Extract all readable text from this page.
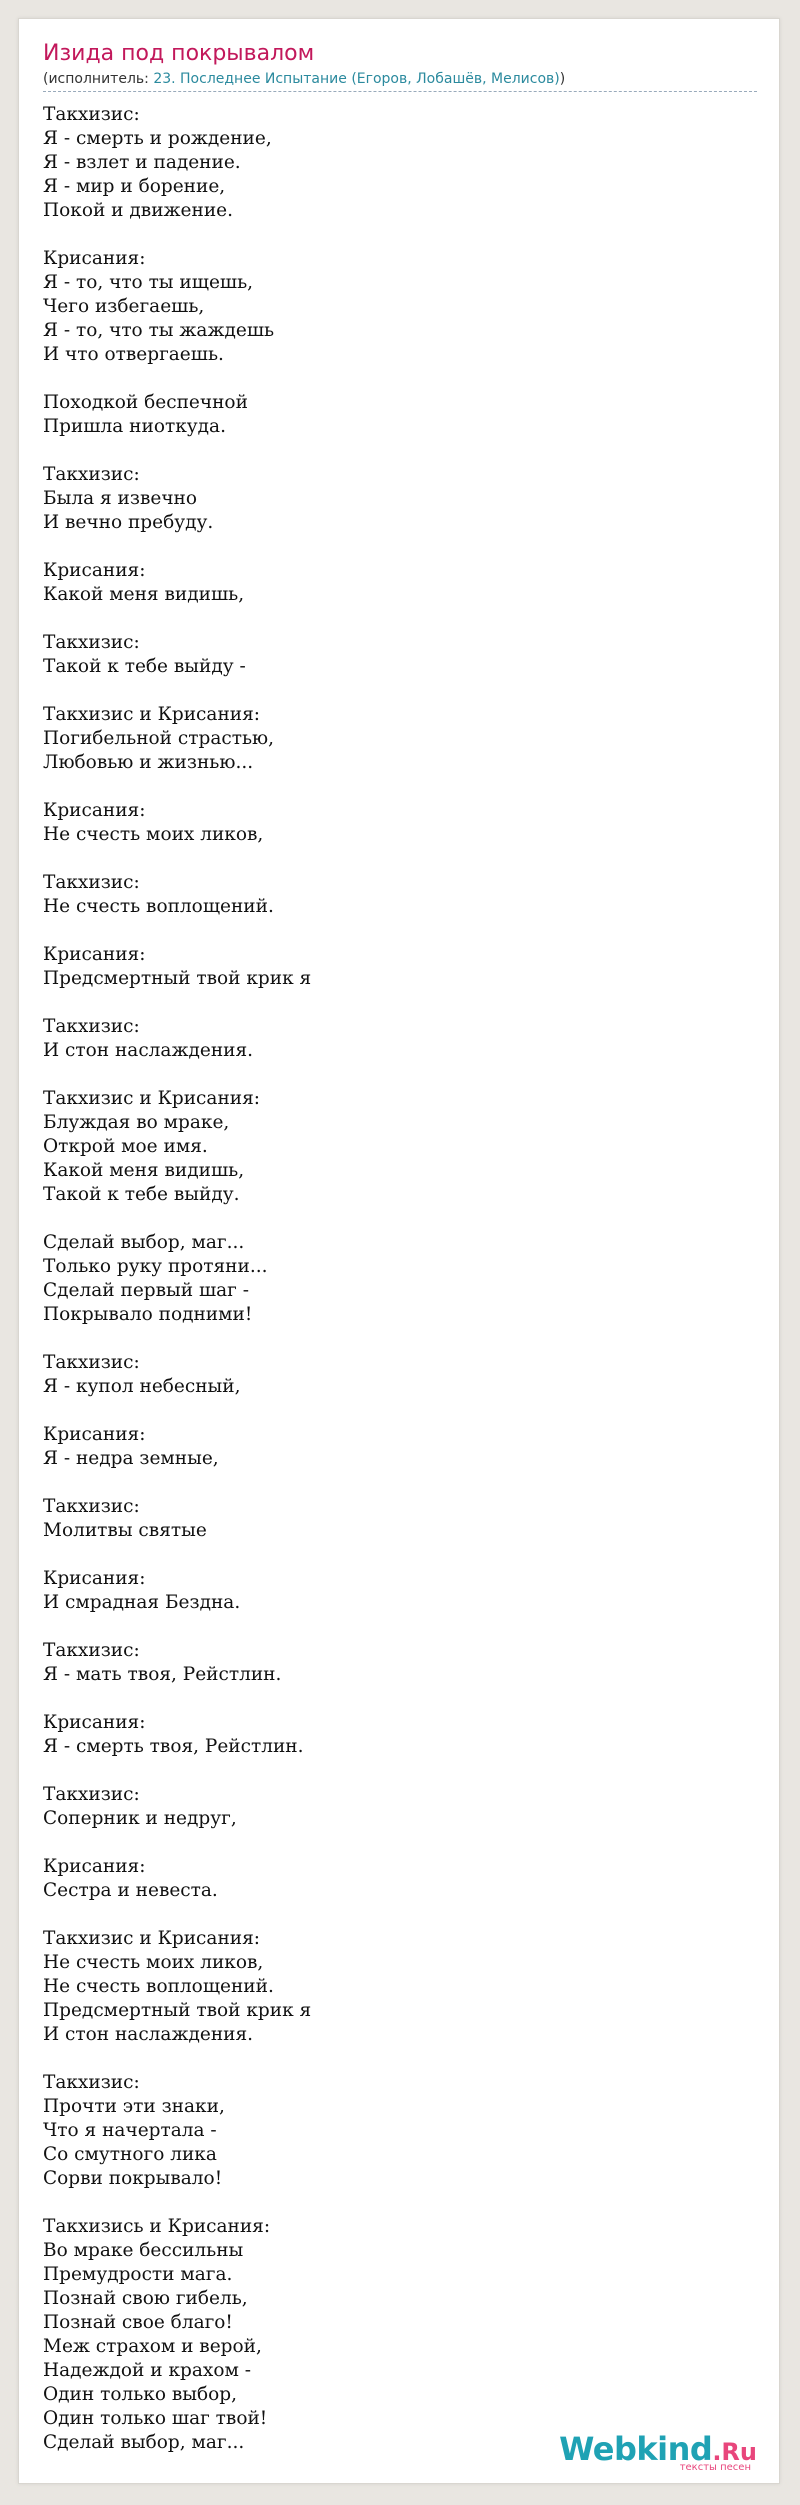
Изида под покрывалом
(исполнитель: 23. Последнее Испытание (Егоров, Лобашёв, Мелисов))
Такхизис:
Я - смерть и рождение,
Я - взлет и падение.
Я - мир и борение,
Покой и движение.
Крисания:
Я - то, что ты ищешь,
Чего избегаешь,
Я - то, что ты жаждешь
И что отвергаешь.
Походкой беспечной
Пришла ниоткуда.
Такхизис:
Была я извечно
И вечно пребуду.
Крисания:
Какой меня видишь,
Такхизис:
Такой к тебе выйду -
Такхизис и Крисания:
Погибельной страстью,
Любовью и жизнью...
Крисания:
Не счесть моих ликов,
Такхизис:
Не счесть воплощений.
Крисания:
Предсмертный твой крик я
Такхизис:
И стон наслаждения.
Такхизис и Крисания:
Блуждая во мраке,
Открой мое имя.
Какой меня видишь,
Такой к тебе выйду.
Сделай выбор, маг...
Только руку протяни...
Сделай первый шаг -
Покрывало подними!
Такхизис:
Я - купол небесный,
Крисания:
Я - недра земные,
Такхизис:
Молитвы святые
Крисания:
И смрадная Бездна.
Такхизис:
Я - мать твоя, Рейстлин.
Крисания:
Я - смерть твоя, Рейстлин.
Такхизис:
Соперник и недруг,
Крисания:
Сестра и невеста.
Такхизис и Крисания:
Не счесть моих ликов,
Не счесть воплощений.
Предсмертный твой крик я
И стон наслаждения.
Такхизис:
Прочти эти знаки,
Что я начертала -
Со смутного лика
Сорви покрывало!
Такхизись и Крисания:
Во мраке бессильны
Премудрости мага.
Познай свою гибель,
Познай свое благо!
Меж страхом и верой,
Надеждой и крахом -
Один только выбор,
Один только шаг твой!
Сделай выбор, маг...	Webkind.Ru
тексты песен
